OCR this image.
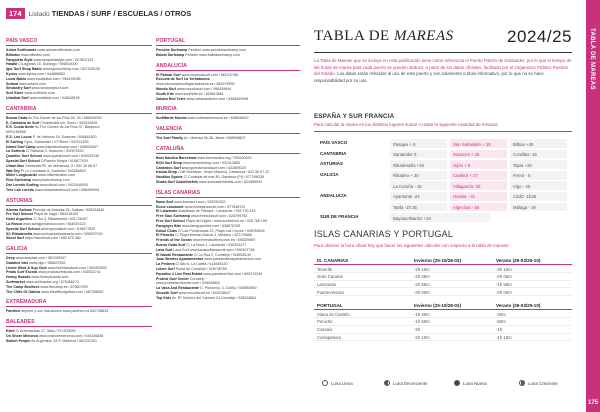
174 Listado TIENDAS / SURF / ESCUELAS / OTROS
PAÍS VASCO
Arima Surfboards www.arimasurfboards.com
Bilbotez www.bilbotez.com
Fangoleta Style www.fangoletastyle.com / 627622123
Hawaii C/Lagunas 15, Durango / 946810000
Igor Surf Shop Bakio www.igorsurfshop.com / 627035135
Kyrios www.kyrios.com / 944586663
Local Bakio www.localbakio.com / 946193035
Soland www.soland.com
Sindustry Surf www.sindustrysurf.com
Surf Store www.surfstore.com
Urdaibai Surf www.urdaibai.com / 946635190
CANTABRIA
Buena Onda Av Río Gamer de los Ríos 48, 39 / 686534034
E. Cántabra de Surf C/Valdecilla s/n, Somo / 942510626
E.S. Costa Norte Av Fco Gómez de los Ríos 37, Barquera
6991165966
E.S. Los Locos P. de Valmont 16, Suances / 606841820
El Surfing Oyez, Santander / 1776mm / 942211525
Island Surf Camp www.islandsurfcamp.com / 646000067
La Surferia C/ Rabanal 3, Suances / 942975322
Quanticr Surf School www.quanticrsurf.com / 645029135
Special Surf School C/Ramón Megía / 616677629
Urban Box Santander/Pl. de Numancia, 5 / 942 26 66 67
Wat Sey Pl Lo Conosado 6, Santoña / 942866522
Miller Longboards www.millerdivision.com
Pica Surfcamp www.picasurfcamp.com
Dar Loredo Surfing www.dlsurf.com / 9422440093
Tree Lab Loredo www.oldsantandersurf.com / 698459904
ASTURIAS
Alamar Salinas Principe de Asturias 94, Salinas / 635244640
Fre Surf School Playa de Xagó / 684316100
Hotel Arguelles C/ Sol 3, Ribadesella / 631728407
La Rosca www.surfgijonlarosca.com / 664520123
Special Surf School www.specialsurf.com / 616677629
SC Ribadesella www.surfcampribadesella.com / 635927029
Skool Surf https://skoolsurf.com / 685 675 382
GALICIA
Deep www.deeplab.com / 981250947
Gaddies Vals www.vigo / 986627532
Linelo Wind & Sup Club www.linelowindsurf.com / 983493002
Prado Surf Escola www.pradosurfescola.com / 638432741
Honey Boards www.honeyboards.com
Surfmarket www.surfmarket.org / 679466274
The Camp Brothers www.thecamp.es / 679607997
The Cliffs Of Galicia www.thecliffsofgalicia.com / 687256507
EXTREMADURA
Pantheo deporte y con inclusiones www.pantheo.es 652738833
BALEARES
Eskit C/ Artemisubas 27, Ibiza / 971303099
On Shore Menorca www.onshoremenorca.com / 644106836
Switch People Av Argentina, 45 P. Mallorca / 661331261
PORTUGAL
Peniche Surfcamp Peniche www.penichesurfcamp.com
Baleal Surfcamp Peniche www.balealsurfcamp.com
ANDALUCÍA
El Palmar Surf www.elpalmarsurf.com / 661247461
Escuela de Surf La Yerbabuena
www.escueladesurflayerbabuena.es / 664279939
Mundo Surf www.mundosurf.com / 956439694
South Kite www.southkite.es / 625610661
Zahara Red Torre www.zaharaedtorre.com / 6356499998
MURCIA
SurfMarde Murcia www.surfmardemurcia.es / 648846302
VALENCIA
The Surf Family Av. Libertad 36-38, Jávea / 698908607
CATALUÑA
Bam Nautica Barcelona www.bamnautica.org / 933200492
BCN Surf Shop www.bcnsurfshop.com / 932412883
Cardedeu Surf www.gonnacharddsurf.com / 622659320
Kahua Shop C/de Muntaner, Seare Masnou, Catalunya / 622 56 07 22
Nautilus Sports C/ Consolat de mar 80, Gandesa (Pt) / 977266338
Shaka Surf Castelldefels www.surfcastelldefels.com / 622889593
ISLAS CANARIAS
Bann Surf www.bannsurf.com / 928762322
Ecole Lanzarote www.ecolelanzarote.com / 677548722
El Lanzarote Acantilado de Famara - Lanzarote / 928 730 433
Free Soul Surfcamp www.freesoulsurf.com / 628799752
Free Surf School Playa del Inglés / www.surfschool.es / 928 765 199
Famguyer Bite www.famguyerbite.com / 638678765
Kahul Clubs C/ Las Ponderosas 12, Playa Las Cruces / 928765534
El Picacho C/ Playa Manuel Garcia 3, Médano / 922176666
Friends of the Ocean www.friendsoftheocean.es / 695309697
Buena Onda Surf C/ La Nova 1, Lanzarote / 616303477
Lava Surf Lava Surf www.lavasurflanzarote.com / 690407768
El Nanali Restaurante C/ La Rua 2, Corralejo / 928535149
Juan Benitez Apartamentos www.juanbenitezapartamentos.com
La Pedrera C/ Alto 6, La Caleta / 614645120
Leben Surf Punta de Corralejo / 928745765
Paradise 2 Live Real Estate www.paradise2live.com / 690370239
Protest Surf Center Corralejo
www.protestsurfcenter.com / 928545892
La Vaca And Restaurante C. Plancena, 3, Cotillo / 928550690
Smooth Surf www.smoothsurf.es / 603228627
Top Kids Av. Rº Señorío del Carmen 24 Corralejo / 928518651
TABLA DE MAREAS
175
TABLA DE MAREAS	2024/25
La Tabla de Mareas que se incluye en esta publicación tiene como referencia el Puerto Patrón de Santander, por lo que el tiempo de las horas de marea para cada puerto se pueden deducir, a partir de los datos oficiales, facilitado por el Organismo Público Puertos del Estado. Los datos están referidos al uso de este puerto y son solamente a título informativo, por lo que no se hace responsabilidad por su uso.
ESPAÑA Y SUR FRANCIA
Para calcular la marea en los distintos lugares sumar o restar la siguiente cantidad de minutos:
PAÍS VASCO	Pasajes + 5	San Sebastián + 15	Bilbao +20
CANTABRIA	Santander 0	Suances + 25	Comillas -15
ASTURIAS	Ribadesella +15	Gijón + 5	Tapia +20
GALICIA	Ribadeo + 20	Cedeira + 27	Ferrol - 5
La Coruña - 15	Villagarcía -30	Vigo - 40
ANDALUCÍA	Ayamonte -24	Huelva - 31	Cádiz -1h25
Tarifa -1h 35	Algeciras - 55	Málaga - 19
SUR DE FRANCIA	Bayona-Biarritz +10
ISLAS CANARIAS Y PORTUGAL
Para obtener la hora oficial hay que hacer los siguientes cálculos con respecto a la tabla de mareas:
IS. CANARIAS	Invierno (25-10/28-03)	Verano (29-03/25-10)
Tenerife	-2h 10m	-2h 10m
Gran Canaria	-2h 05m	-2h 05m
Lanzarote	-2h 55m	-1h 58m
Fuerteventura	-3h 00m	-2h 00m
PORTUGAL	Invierno (25-10/28-03)	Verano (29-03/25-10)
Viana do Castelo	-1h 40m	-40m
Peniche	-1h 50m	-50m
Cascais	-2h	-1h
Carrapateira	-2h 10m	-1h 10m
Luna Llena	Luna Decreciente	Luna Nueva	Luna Creciente
